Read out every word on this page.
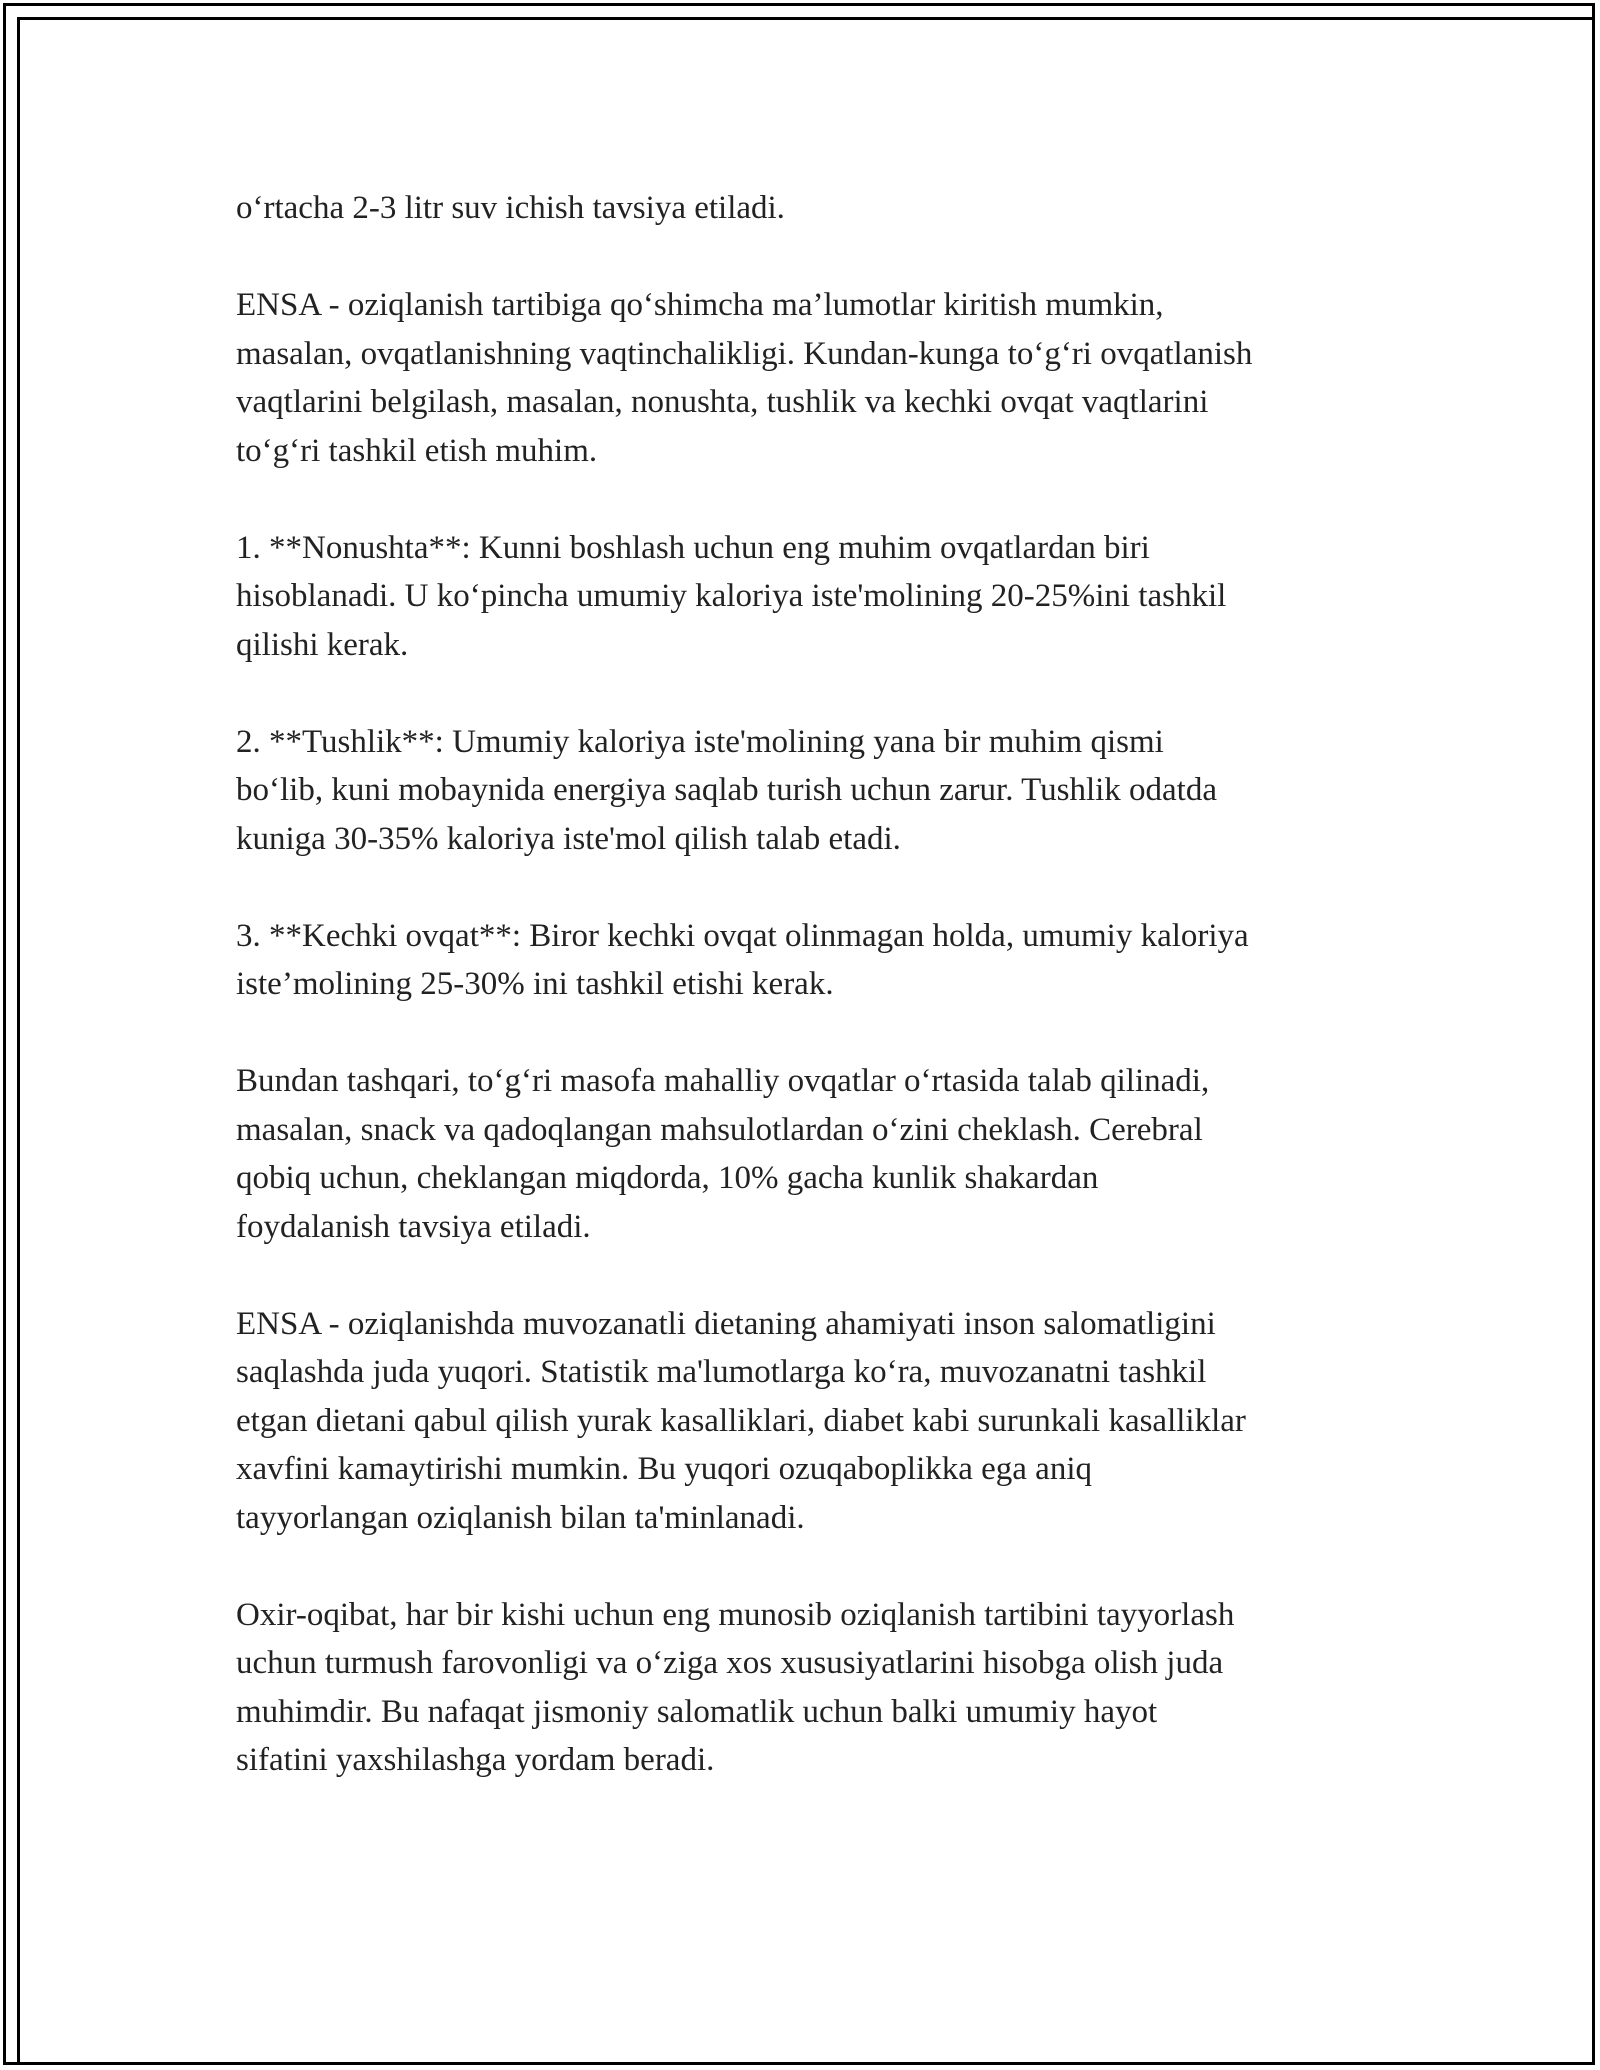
o‘rtacha 2-3 litr suv ichish tavsiya etiladi.

ENSA - oziqlanish tartibiga qo‘shimcha ma’lumotlar kiritish mumkin,
masalan, ovqatlanishning vaqtinchalikligi. Kundan-kunga to‘g‘ri ovqatlanish
vaqtlarini belgilash, masalan, nonushta, tushlik va kechki ovqat vaqtlarini
to‘g‘ri tashkil etish muhim.

1. **Nonushta**: Kunni boshlash uchun eng muhim ovqatlardan biri
hisoblanadi. U ko‘pincha umumiy kaloriya iste'molining 20-25%ini tashkil
qilishi kerak.

2. **Tushlik**: Umumiy kaloriya iste'molining yana bir muhim qismi
bo‘lib, kuni mobaynida energiya saqlab turish uchun zarur. Tushlik odatda
kuniga 30-35% kaloriya iste'mol qilish talab etadi.

3. **Kechki ovqat**: Biror kechki ovqat olinmagan holda, umumiy kaloriya
iste’molining 25-30% ini tashkil etishi kerak.

Bundan tashqari, to‘g‘ri masofa mahalliy ovqatlar o‘rtasida talab qilinadi,
masalan, snack va qadoqlangan mahsulotlardan o‘zini cheklash. Cerebral
qobiq uchun, cheklangan miqdorda, 10% gacha kunlik shakardan
foydalanish tavsiya etiladi.

ENSA - oziqlanishda muvozanatli dietaning ahamiyati inson salomatligini
saqlashda juda yuqori. Statistik ma'lumotlarga ko‘ra, muvozanatni tashkil
etgan dietani qabul qilish yurak kasalliklari, diabet kabi surunkali kasalliklar
xavfini kamaytirishi mumkin. Bu yuqori ozuqaboplikka ega aniq
tayyorlangan oziqlanish bilan ta'minlanadi.

Oxir-oqibat, har bir kishi uchun eng munosib oziqlanish tartibini tayyorlash
uchun turmush farovonligi va o‘ziga xos xususiyatlarini hisobga olish juda
muhimdir. Bu nafaqat jismoniy salomatlik uchun balki umumiy hayot
sifatini yaxshilashga yordam beradi.
